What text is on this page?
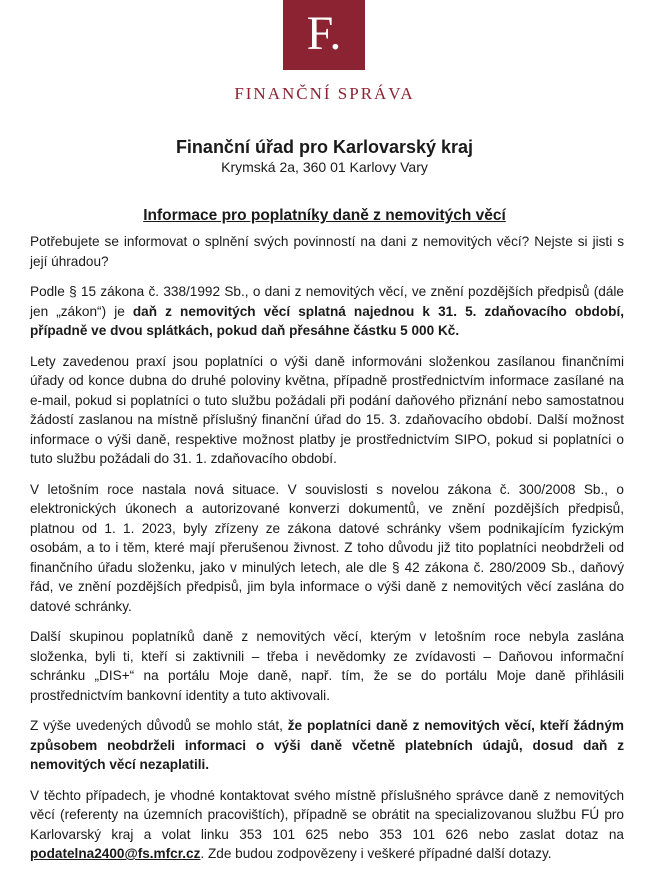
F.
FINANČNÍ SPRÁVA
Finanční úřad pro Karlovarský kraj
Krymská 2a, 360 01 Karlovy Vary
Informace pro poplatníky daně z nemovitých věcí

Potřebujete se informovat o splnění svých povinností na dani z nemovitých věcí? Nejste si jisti s její úhradou?

Podle § 15 zákona č. 338/1992 Sb., o dani z nemovitých věcí, ve znění pozdějších předpisů (dále jen „zákon“) je daň z nemovitých věcí splatná najednou k 31. 5. zdaňovacího období, případně ve dvou splátkách, pokud daň přesáhne částku 5 000 Kč.

Lety zavedenou praxí jsou poplatníci o výši daně informováni složenkou zasílanou finančními úřady od konce dubna do druhé poloviny května, případně prostřednictvím informace zasílané na e-mail, pokud si poplatníci o tuto službu požádali při podání daňového přiznání nebo samostatnou žádostí zaslanou na místně příslušný finanční úřad do 15. 3. zdaňovacího období. Další možnost informace o výši daně, respektive možnost platby je prostřednictvím SIPO, pokud si poplatníci o tuto službu požádali do 31. 1. zdaňovacího období.

V letošním roce nastala nová situace. V souvislosti s novelou zákona č. 300/2008 Sb., o elektronických úkonech a autorizované konverzi dokumentů, ve znění pozdějších předpisů, platnou od 1. 1. 2023, byly zřízeny ze zákona datové schránky všem podnikajícím fyzickým osobám, a to i těm, které mají přerušenou živnost. Z toho důvodu již tito poplatníci neobdrželi od finančního úřadu složenku, jako v minulých letech, ale dle § 42 zákona č. 280/2009 Sb., daňový řád, ve znění pozdějších předpisů, jim byla informace o výši daně z nemovitých věcí zaslána do datové schránky.

Další skupinou poplatníků daně z nemovitých věcí, kterým v letošním roce nebyla zaslána složenka, byli ti, kteří si zaktivnili – třeba i nevědomky ze zvídavosti – Daňovou informační schránku „DIS+“ na portálu Moje daně, např. tím, že se do portálu Moje daně přihlásili prostřednictvím bankovní identity a tuto aktivovali.

Z výše uvedených důvodů se mohlo stát, že poplatníci daně z nemovitých věcí, kteří žádným způsobem neobdrželi informaci o výši daně včetně platebních údajů, dosud daň z nemovitých věcí nezaplatili.

V těchto případech, je vhodné kontaktovat svého místně příslušného správce daně z nemovitých věcí (referenty na územních pracovištích), případně se obrátit na specializovanou službu FÚ pro Karlovarský kraj a volat linku 353 101 625 nebo 353 101 626 nebo zaslat dotaz na podatelna2400@fs.mfcr.cz. Zde budou zodpovězeny i veškeré případné další dotazy.
